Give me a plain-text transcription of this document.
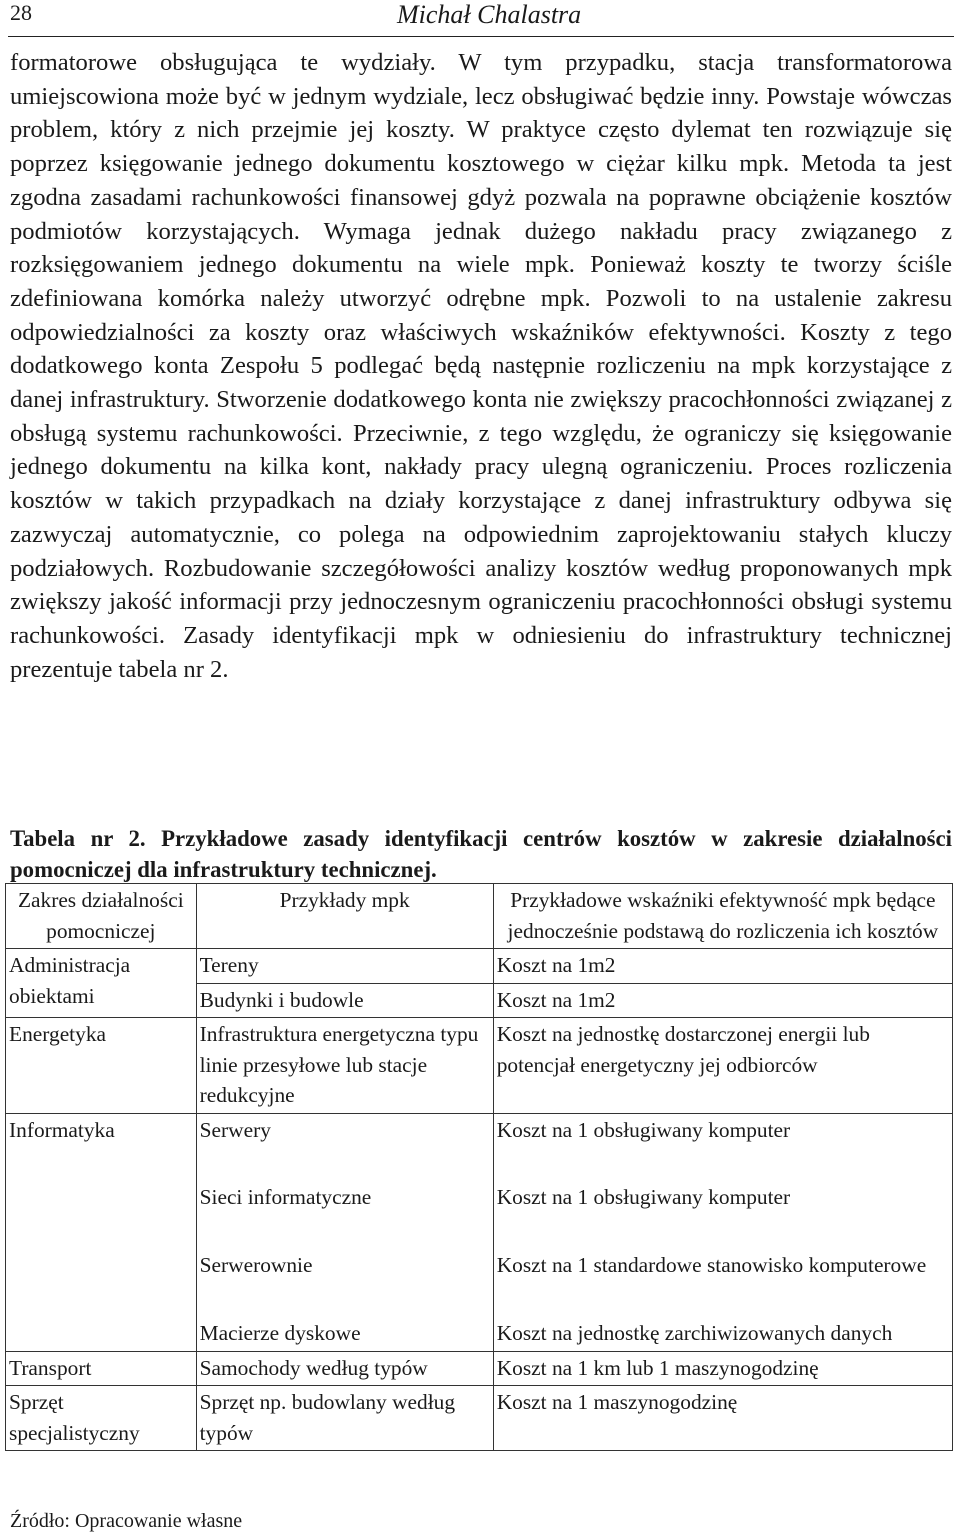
28	Michał Chalastra

formatorowe obsługująca te wydziały. W tym przypadku, stacja transformatorowa umiejscowiona może być w jednym wydziale, lecz obsługiwać będzie inny. Powstaje wówczas problem, który z nich przejmie jej koszty. W praktyce często dylemat ten rozwiązuje się poprzez księgowanie jednego dokumentu kosztowego w ciężar kilku mpk. Metoda ta jest zgodna zasadami rachunkowości finansowej gdyż pozwala na poprawne obciążenie kosztów podmiotów korzystających. Wymaga jednak dużego nakładu pracy związanego z rozksięgowaniem jednego dokumentu na wiele mpk. Ponieważ koszty te tworzy ściśle zdefiniowana komórka należy utworzyć odrębne mpk. Pozwoli to na ustalenie zakresu odpowiedzialności za koszty oraz właściwych wskaźników efektywności. Koszty z tego dodatkowego konta Zespołu 5 podlegać będą następnie rozliczeniu na mpk korzystające z danej infrastruktury. Stworzenie dodatkowego konta nie zwiększy pracochłonności związanej z obsługą systemu rachunkowości. Przeciwnie, z tego względu, że ograniczy się księgowanie jednego dokumentu na kilka kont, nakłady pracy ulegną ograniczeniu. Proces rozliczenia kosztów w takich przypadkach na działy korzystające z danej infrastruktury odbywa się zazwyczaj automatycznie, co polega na odpowiednim zaprojektowaniu stałych kluczy podziałowych. Rozbudowanie szczegółowości analizy kosztów według proponowanych mpk zwiększy jakość informacji przy jednoczesnym ograniczeniu pracochłonności obsługi systemu rachunkowości. Zasady identyfikacji mpk w odniesieniu do infrastruktury technicznej prezentuje tabela nr 2.

Tabela nr 2. Przykładowe zasady identyfikacji centrów kosztów w zakresie działalności pomocniczej dla infrastruktury technicznej.
Zakres działalności pomocniczej	Przykłady mpk	Przykładowe wskaźniki efektywność mpk będące jednocześnie podstawą do rozliczenia ich kosztów
Administracja obiektami	Tereny	Koszt na 1m2
	Budynki i budowle	Koszt na 1m2
Energetyka	Infrastruktura energetyczna typu linie przesyłowe lub stacje redukcyjne	Koszt na jednostkę dostarczonej energii lub potencjał energetyczny jej odbiorców
Informatyka	Serwery	Koszt na 1 obsługiwany komputer
	Sieci informatyczne	Koszt na 1 obsługiwany komputer
	Serwerownie	Koszt na 1 standardowe stanowisko komputerowe
	Macierze dyskowe	Koszt na jednostkę zarchiwizowanych danych
Transport	Samochody według typów	Koszt na 1 km lub 1 maszynogodzinę
Sprzęt specjalistyczny	Sprzęt np. budowlany według typów	Koszt na 1 maszynogodzinę
Źródło: Opracowanie własne
